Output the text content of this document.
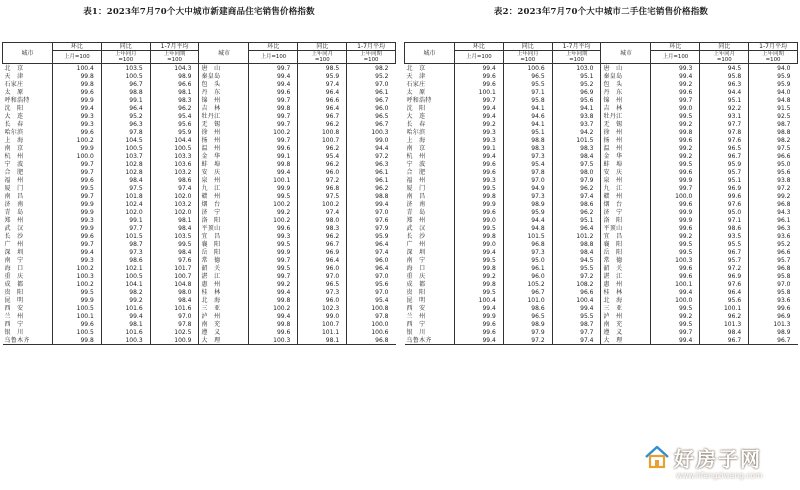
表1：2023年7月70个大中城市新建商品住宅销售价格指数
城市	环比	同比	1-7月平均	城市	环比	同比	1-7月平均
	上月=100	上年同月
=100	上年同期
=100		上月=100	上年同月
=100	上年同期
=100
北　京	100.4	103.5	104.3	唐　山	99.7	98.5	98.2
天　津	99.8	100.5	98.9	秦皇岛	99.4	95.9	95.2
石家庄	99.8	96.7	96.6	包　头	99.4	97.4	97.0
太　原	99.6	98.8	98.1	丹　东	99.6	96.4	96.1
呼和浩特	99.9	99.1	98.3	锦　州	99.7	96.6	96.7
沈　阳	99.4	96.4	96.2	吉　林	99.8	96.4	96.0
大　连	99.3	95.2	95.4	牡丹江	99.7	96.7	96.5
长　春	99.3	96.3	95.6	无　锡	99.7	96.2	96.7
哈尔滨	99.6	97.8	95.9	徐　州	100.2	100.8	100.3
上　海	100.2	104.5	104.4	扬　州	99.7	100.7	99.0
南　京	99.9	100.5	100.5	温　州	99.6	96.2	94.4
杭　州	100.0	103.7	103.3	金　华	99.1	95.4	97.2
宁　波	99.7	102.8	103.6	蚌　埠	99.8	96.2	96.3
合　肥	99.7	102.8	103.2	安　庆	99.4	96.0	96.1
福　州	99.6	98.4	98.6	泉　州	100.1	97.2	96.1
厦　门	99.5	97.5	97.4	九　江	99.9	96.8	96.2
南　昌	99.7	101.8	102.0	赣　州	99.5	97.5	98.8
济　南	99.9	102.4	103.2	烟　台	100.2	100.2	99.4
青　岛	99.9	102.0	102.0	济　宁	99.2	97.4	97.0
郑　州	99.3	99.1	98.1	洛　阳	100.2	98.0	97.6
武　汉	99.9	97.7	98.4	平顶山	99.6	98.3	97.9
长　沙	99.6	101.5	103.5	宜　昌	99.3	96.2	95.9
广　州	99.7	98.7	99.5	襄　阳	99.5	96.7	96.4
深　圳	99.4	97.3	98.4	岳　阳	99.9	96.9	97.4
南　宁	99.3	98.6	97.6	常　德	99.7	96.4	96.0
海　口	100.2	102.1	101.7	韶　关	99.5	96.0	96.4
重　庆	100.3	100.5	100.7	湛　江	99.7	97.0	97.0
成　都	100.2	104.1	104.8	惠　州	99.2	96.5	95.6
贵　阳	99.5	98.2	98.0	桂　林	99.4	97.3	97.0
昆　明	99.9	99.2	98.4	北　海	99.8	96.0	95.4
西　安	100.5	101.6	101.6	三　亚	100.2	102.3	100.8
兰　州	100.1	99.4	97.0	泸　州	99.4	99.0	97.8
西　宁	99.6	98.1	97.8	南　充	99.8	100.7	100.0
银　川	100.5	101.6	102.5	遵　义	99.6	101.1	100.6
乌鲁木齐	99.8	100.3	100.9	大　理	100.3	98.1	96.8
表2：2023年7月70个大中城市二手住宅销售价格指数
城市	环比	同比	1-7月平均	城市	环比	同比	1-7月平均
	上月=100	上年同月
=100	上年同期
=100		上月=100	上年同月
=100	上年同期
=100
北　京	99.4	100.6	103.0	唐　山	99.3	94.5	94.0
天　津	99.6	96.5	95.1	秦皇岛	99.4	95.8	95.9
石家庄	99.6	95.5	95.2	包　头	99.2	96.3	95.9
太　原	100.1	97.1	96.9	丹　东	99.6	94.4	94.0
呼和浩特	99.7	95.8	95.6	锦　州	99.7	95.1	94.8
沈　阳	99.4	94.1	94.1	吉　林	99.0	92.2	91.5
大　连	99.4	94.6	93.8	牡丹江	99.5	93.1	92.5
长　春	99.2	94.1	93.7	无　锡	99.2	97.7	98.7
哈尔滨	99.3	95.1	94.2	徐　州	99.8	97.8	98.8
上　海	99.3	98.8	101.5	扬　州	99.6	97.6	98.2
南　京	99.1	98.3	98.3	温　州	99.2	96.5	97.5
杭　州	99.4	97.3	98.4	金　华	99.2	96.7	96.6
宁　波	99.6	95.4	97.5	蚌　埠	99.5	95.9	95.0
合　肥	99.6	97.8	98.0	安　庆	99.6	95.7	95.6
福　州	99.3	97.0	97.9	泉　州	99.9	95.1	93.8
厦　门	99.5	94.9	96.2	九　江	99.7	96.9	97.2
南　昌	99.8	97.3	97.4	赣　州	100.0	99.6	99.2
济　南	99.9	98.9	98.6	烟　台	99.6	97.6	96.8
青　岛	99.6	95.9	96.2	济　宁	99.9	95.0	94.3
郑　州	99.0	94.4	95.1	洛　阳	99.9	97.1	96.1
武　汉	99.5	94.8	96.4	平顶山	99.6	98.6	96.3
长　沙	99.8	101.5	101.2	宜　昌	99.2	93.5	93.6
广　州	99.0	96.8	98.8	襄　阳	99.5	95.5	95.2
深　圳	99.4	97.3	98.4	岳　阳	99.5	96.7	96.6
南　宁	99.5	95.0	94.5	常　德	100.3	95.7	95.7
海　口	99.8	96.1	95.5	韶　关	99.6	97.2	96.8
重　庆	99.2	96.0	97.2	湛　江	99.6	96.9	95.8
成　都	99.8	105.2	108.2	惠　州	100.1	97.6	97.0
贵　阳	99.5	96.7	96.6	桂　林	99.4	96.4	95.8
昆　明	100.4	101.0	100.4	北　海	100.0	95.6	93.6
西　安	99.4	98.6	99.4	三　亚	99.5	100.1	99.6
兰　州	99.9	96.5	95.5	泸　州	99.2	96.2	96.9
西　宁	99.6	98.9	98.7	南　充	99.5	101.3	101.3
银　川	99.6	97.9	97.7	遵　义	99.7	98.4	98.9
乌鲁木齐	99.4	97.2	97.4	大　理	99.4	96.7	96.7
好房子网
www.hfangziwang.com
